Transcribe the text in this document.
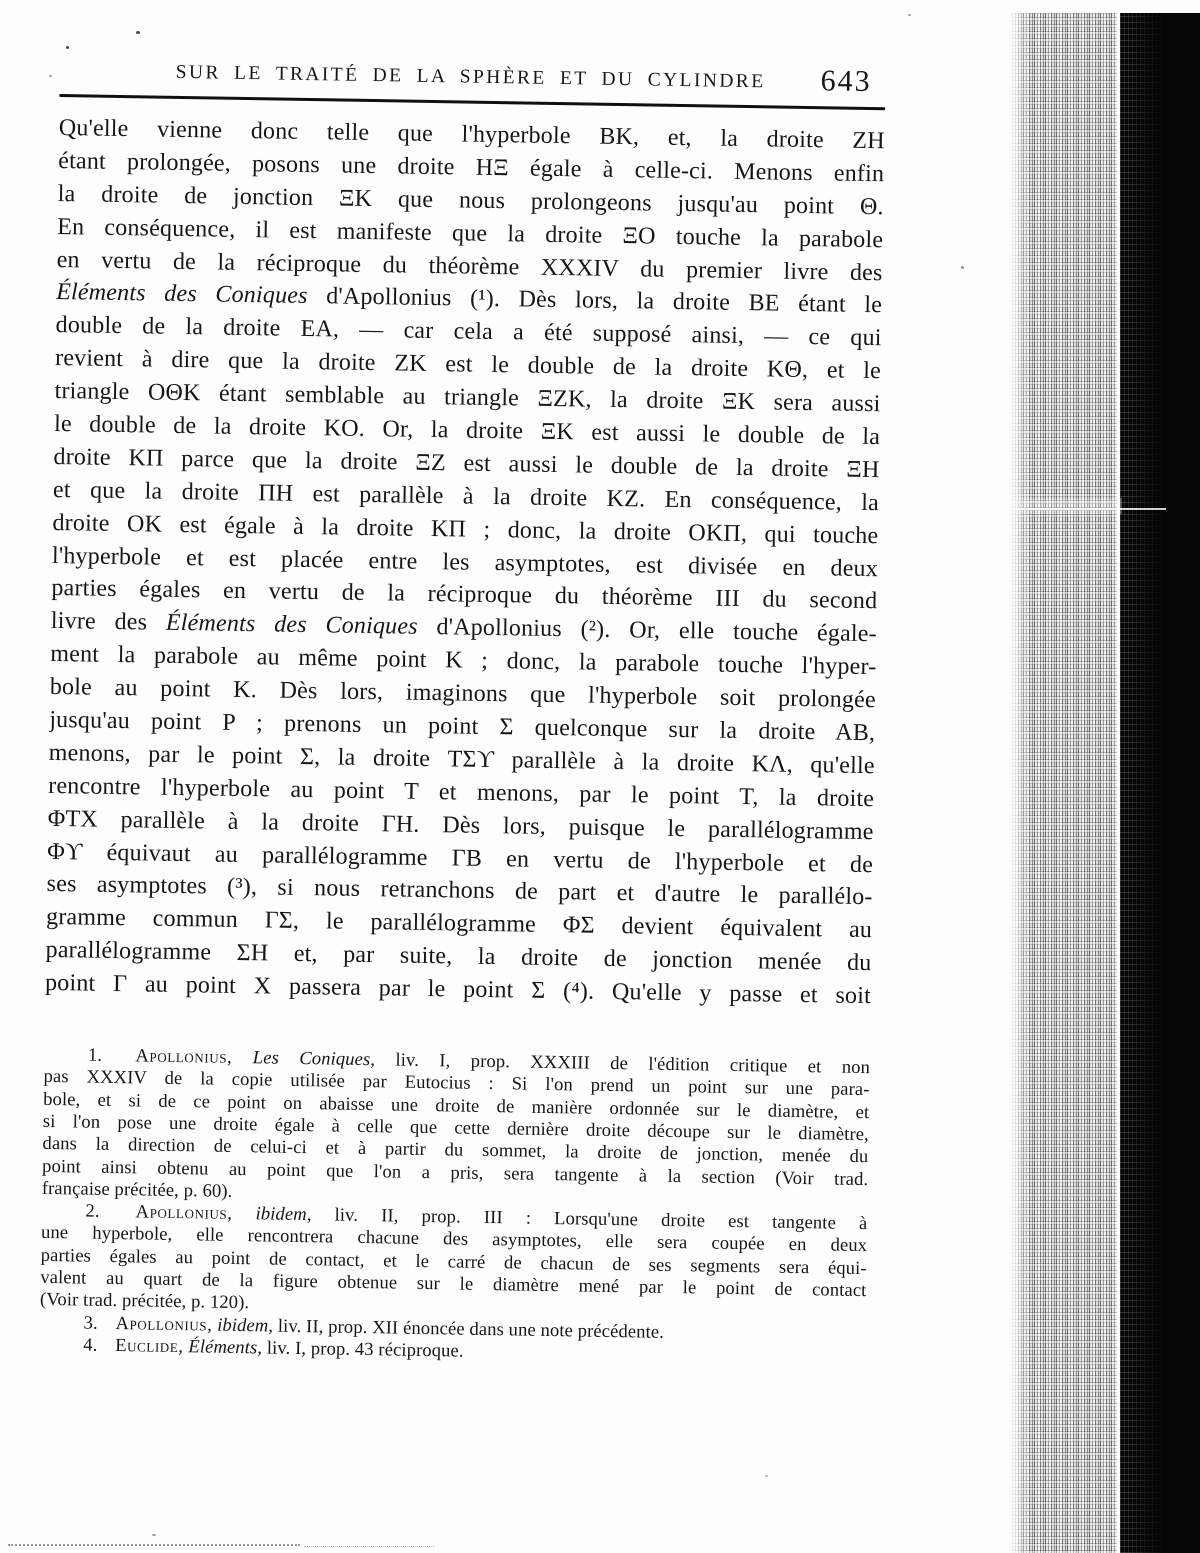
SUR LE TRAITÉ DE LA SPHÈRE ET DU CYLINDRE 643
Qu'elle vienne donc telle que l'hyperbole BK, et, la droite ZH
étant prolongée, posons une droite HΞ égale à celle-ci. Menons enfin
la droite de jonction ΞK que nous prolongeons jusqu'au point Θ.
En conséquence, il est manifeste que la droite ΞO touche la parabole
en vertu de la réciproque du théorème XXXIV du premier livre des
Éléments des Coniques d'Apollonius (¹). Dès lors, la droite BE étant le
double de la droite EA, — car cela a été supposé ainsi, — ce qui
revient à dire que la droite ZK est le double de la droite KΘ, et le
triangle OΘK étant semblable au triangle ΞZK, la droite ΞK sera aussi
le double de la droite KO. Or, la droite ΞK est aussi le double de la
droite KΠ parce que la droite ΞZ est aussi le double de la droite ΞH
et que la droite ΠH est parallèle à la droite KZ. En conséquence, la
droite OK est égale à la droite KΠ ; donc, la droite OKΠ, qui touche
l'hyperbole et est placée entre les asymptotes, est divisée en deux
parties égales en vertu de la réciproque du théorème III du second
livre des Éléments des Coniques d'Apollonius (²). Or, elle touche égale-
ment la parabole au même point K ; donc, la parabole touche l'hyper-
bole au point K. Dès lors, imaginons que l'hyperbole soit prolongée
jusqu'au point P ; prenons un point Σ quelconque sur la droite AB,
menons, par le point Σ, la droite ΤΣϒ parallèle à la droite KΛ, qu'elle
rencontre l'hyperbole au point T et menons, par le point T, la droite
ΦΤΧ parallèle à la droite ΓΗ. Dès lors, puisque le parallélogramme
Φϒ équivaut au parallélogramme ΓΒ en vertu de l'hyperbole et de
ses asymptotes (³), si nous retranchons de part et d'autre le parallélo-
gramme commun ΓΣ, le parallélogramme ΦΣ devient équivalent au
parallélogramme ΣΗ et, par suite, la droite de jonction menée du
point Γ au point X passera par le point Σ (⁴). Qu'elle y passe et soit
1. Apollonius, Les Coniques, liv. I, prop. XXXIII de l'édition critique et non
pas XXXIV de la copie utilisée par Eutocius : Si l'on prend un point sur une para-
bole, et si de ce point on abaisse une droite de manière ordonnée sur le diamètre, et
si l'on pose une droite égale à celle que cette dernière droite découpe sur le diamètre,
dans la direction de celui-ci et à partir du sommet, la droite de jonction, menée du
point ainsi obtenu au point que l'on a pris, sera tangente à la section (Voir trad.
française précitée, p. 60).
2. Apollonius, ibidem, liv. II, prop. III : Lorsqu'une droite est tangente à
une hyperbole, elle rencontrera chacune des asymptotes, elle sera coupée en deux
parties égales au point de contact, et le carré de chacun de ses segments sera équi-
valent au quart de la figure obtenue sur le diamètre mené par le point de contact
(Voir trad. précitée, p. 120).
3. Apollonius, ibidem, liv. II, prop. XII énoncée dans une note précédente.
4. Euclide, Éléments, liv. I, prop. 43 réciproque.
